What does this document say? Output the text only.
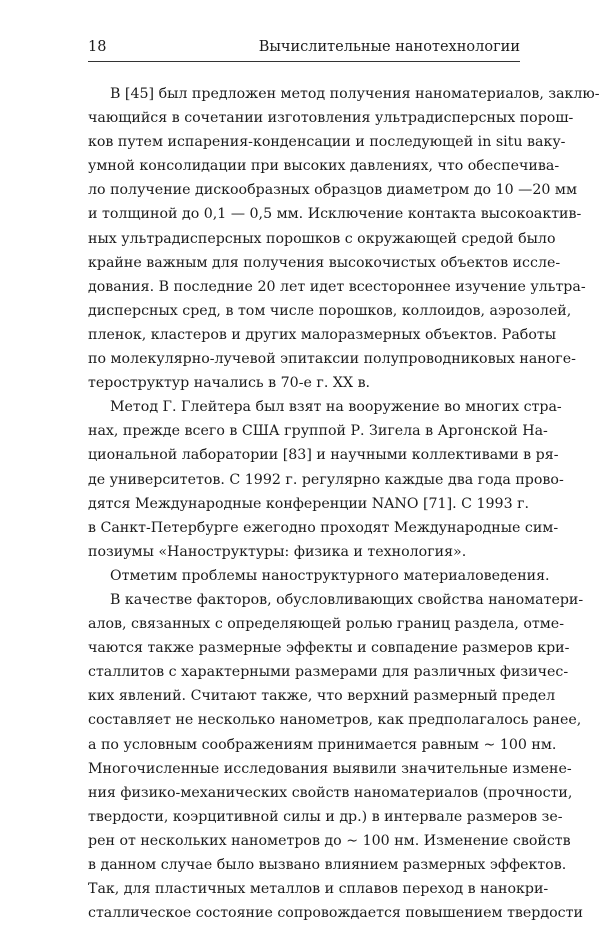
18	Вычислительные нанотехнологии
В [45] был предложен метод получения наноматериалов, заклю-
чающийся в сочетании изготовления ультрадисперсных порош-
ков путем испарения-конденсации и последующей in situ ваку-
умной консолидации при высоких давлениях, что обеспечива-
ло получение дискообразных образцов диаметром до 10 —20 мм
и толщиной до 0,1 — 0,5 мм. Исключение контакта высокоактив-
ных ультрадисперсных порошков с окружающей средой было
крайне важным для получения высокочистых объектов иссле-
дования. В последние 20 лет идет всестороннее изучение ультра-
дисперсных сред, в том числе порошков, коллоидов, аэрозолей,
пленок, кластеров и других малоразмерных объектов. Работы
по молекулярно-лучевой эпитаксии полупроводниковых наноге-
тероструктур начались в 70-е г. XX в.
Метод Г. Глейтера был взят на вооружение во многих стра-
нах, прежде всего в США группой Р. Зигела в Аргонской На-
циональной лаборатории [83] и научными коллективами в ря-
де университетов. С 1992 г. регулярно каждые два года прово-
дятся Международные конференции NANO [71]. С 1993 г.
в Санкт-Петербурге ежегодно проходят Международные сим-
позиумы «Наноструктуры: физика и технология».
Отметим проблемы наноструктурного материаловедения.
В качестве факторов, обусловливающих свойства наноматери-
алов, связанных с определяющей ролью границ раздела, отме-
чаются также размерные эффекты и совпадение размеров кри-
сталлитов с характерными размерами для различных физичес-
ких явлений. Считают также, что верхний размерный предел
составляет не несколько нанометров, как предполагалось ранее,
а по условным соображениям принимается равным ∼ 100 нм.
Многочисленные исследования выявили значительные измене-
ния физико-механических свойств наноматериалов (прочности,
твердости, коэрцитивной силы и др.) в интервале размеров зе-
рен от нескольких нанометров до ∼ 100 нм. Изменение свойств
в данном случае было вызвано влиянием размерных эффектов.
Так, для пластичных металлов и сплавов переход в нанокри-
сталлическое состояние сопровождается повышением твердости
